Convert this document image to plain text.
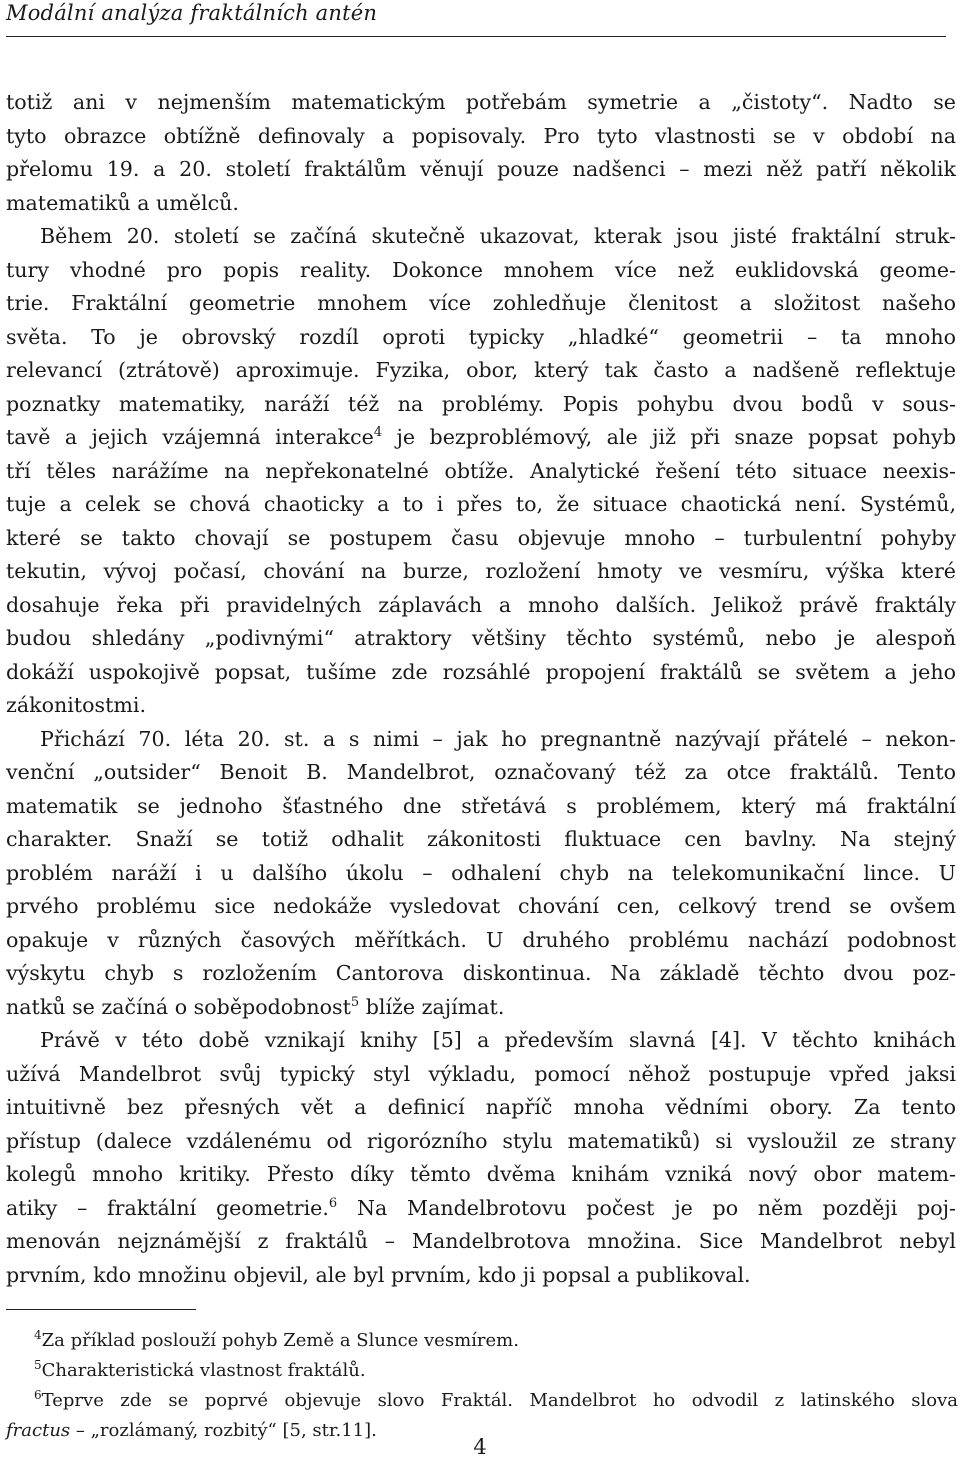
Modální analýza fraktálních antén
totiž ani v nejmenším matematickým potřebám symetrie a „čistoty“. Nadto se
tyto obrazce obtížně definovaly a popisovaly. Pro tyto vlastnosti se v období na
přelomu 19. a 20. století fraktálům věnují pouze nadšenci – mezi něž patří několik
matematiků a umělců.
Během 20. století se začíná skutečně ukazovat, kterak jsou jisté fraktální struk-
tury vhodné pro popis reality. Dokonce mnohem více než euklidovská geome-
trie. Fraktální geometrie mnohem více zohledňuje členitost a složitost našeho
světa. To je obrovský rozdíl oproti typicky „hladké“ geometrii – ta mnoho
relevancí (ztrátově) aproximuje. Fyzika, obor, který tak často a nadšeně reflektuje
poznatky matematiky, naráží též na problémy. Popis pohybu dvou bodů v sous-
tavě a jejich vzájemná interakce$^4$ je bezproblémový, ale již při snaze popsat pohyb
tří těles narážíme na nepřekonatelné obtíže. Analytické řešení této situace neexis-
tuje a celek se chová chaoticky a to i přes to, že situace chaotická není. Systémů,
které se takto chovají se postupem času objevuje mnoho – turbulentní pohyby
tekutin, vývoj počasí, chování na burze, rozložení hmoty ve vesmíru, výška které
dosahuje řeka při pravidelných záplavách a mnoho dalších. Jelikož právě fraktály
budou shledány „podivnými“ atraktory většiny těchto systémů, nebo je alespoň
dokáží uspokojivě popsat, tušíme zde rozsáhlé propojení fraktálů se světem a jeho
zákonitostmi.
Přichází 70. léta 20. st. a s nimi – jak ho pregnantně nazývají přátelé – nekon-
venční „outsider“ Benoit B. Mandelbrot, označovaný též za otce fraktálů. Tento
matematik se jednoho šťastného dne střetává s problémem, který má fraktální
charakter. Snaží se totiž odhalit zákonitosti fluktuace cen bavlny. Na stejný
problém naráží i u dalšího úkolu – odhalení chyb na telekomunikační lince. U
prvého problému sice nedokáže vysledovat chování cen, celkový trend se ovšem
opakuje v různých časových měřítkách. U druhého problému nachází podobnost
výskytu chyb s rozložením Cantorova diskontinua. Na základě těchto dvou poz-
natků se začíná o soběpodobnost$^5$ blíže zajímat.
Právě v této době vznikají knihy [5] a především slavná [4]. V těchto knihách
užívá Mandelbrot svůj typický styl výkladu, pomocí něhož postupuje vpřed jaksi
intuitivně bez přesných vět a definicí napříč mnoha vědními obory. Za tento
přístup (dalece vzdálenému od rigorózního stylu matematiků) si vysloužil ze strany
kolegů mnoho kritiky. Přesto díky těmto dvěma knihám vzniká nový obor matem-
atiky – fraktální geometrie.$^6$ Na Mandelbrotovu počest je po něm později poj-
menován nejznámější z fraktálů – Mandelbrotova množina. Sice Mandelbrot nebyl
prvním, kdo množinu objevil, ale byl prvním, kdo ji popsal a publikoval.
$^4$Za příklad poslouží pohyb Země a Slunce vesmírem.
$^5$Charakteristická vlastnost fraktálů.
$^6$Teprve zde se poprvé objevuje slovo Fraktál. Mandelbrot ho odvodil z latinského slova
fractus – „rozlámaný, rozbitý“ [5, str.11].
4
